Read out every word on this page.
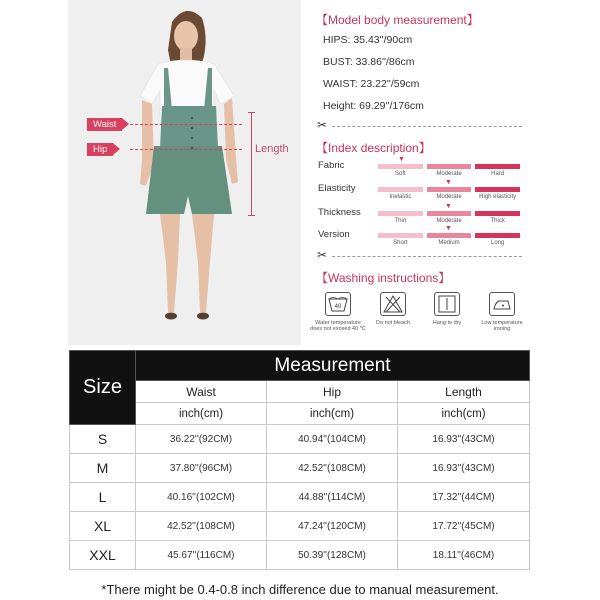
Waist
Hip	Length
【Model body measurement】
HIPS: 35.43''/90cm
BUST: 33.86''/86cm
WAIST: 23.22''/59cm
Height: 69.29''/176cm
✂
【Index description】
Fabric
▼
Soft	Moderate	Hard
Elasticity
▼
Inelastic	Moderate	High elasticity
Thickness
▼
Thin	Moderate	Thick
Version
▼
Short	Medium	Long
✂
【Washing instructions】
40
Water temperature
does not exceed 40 ℃
Do not bleach	Hang to dry	Low temperature
ironing
Size	Measurement		
	Waist	Hip	Length
	inch(cm)	inch(cm)	inch(cm)
S	36.22''(92CM)	40.94''(104CM)	16.93''(43CM)
M	37.80''(96CM)	42.52''(108CM)	16.93''(43CM)
L	40.16''(102CM)	44.88''(114CM)	17.32''(44CM)
XL	42.52''(108CM)	47.24''(120CM)	17.72''(45CM)
XXL	45.67''(116CM)	50.39''(128CM)	18.11''(46CM)
*There might be 0.4-0.8 inch difference due to manual measurement.
